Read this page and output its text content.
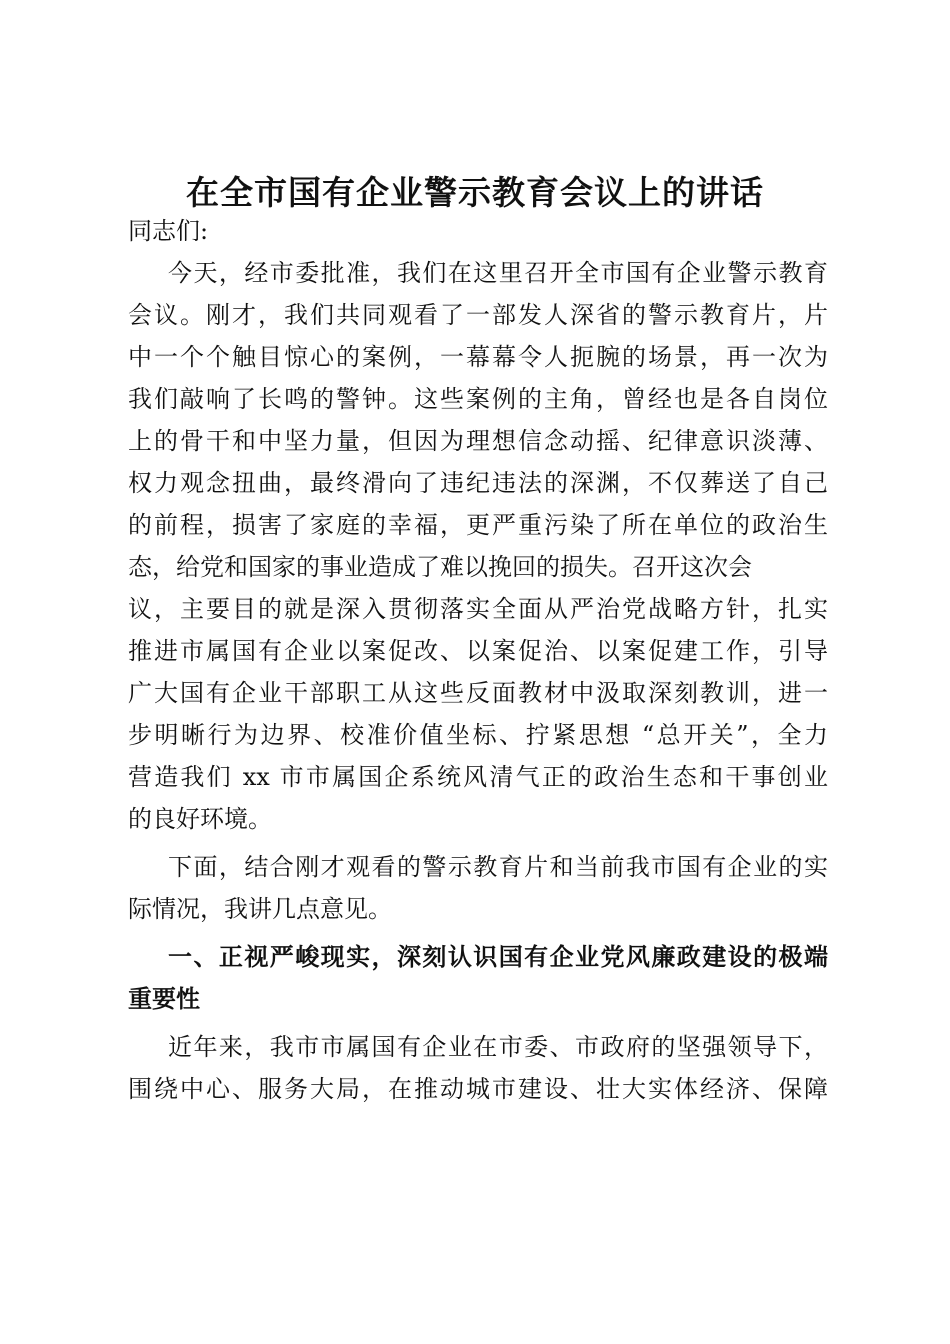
在全市国有企业警示教育会议上的讲话
同志们:
今天，经市委批准，我们在这里召开全市国有企业警示教育
会议。刚才，我们共同观看了一部发人深省的警示教育片，片
中一个个触目惊心的案例，一幕幕令人扼腕的场景，再一次为
我们敲响了长鸣的警钟。这些案例的主角，曾经也是各自岗位
上的骨干和中坚力量，但因为理想信念动摇、纪律意识淡薄、
权力观念扭曲，最终滑向了违纪违法的深渊，不仅葬送了自己
的前程，损害了家庭的幸福，更严重污染了所在单位的政治生
态，给党和国家的事业造成了难以挽回的损失。召开这次会
议，主要目的就是深入贯彻落实全面从严治党战略方针，扎实
推进市属国有企业以案促改、以案促治、以案促建工作，引导
广大国有企业干部职工从这些反面教材中汲取深刻教训，进一
步明晰行为边界、校准价值坐标、拧紧思想 “总开关”，全力
营造我们 xx 市市属国企系统风清气正的政治生态和干事创业
的良好环境。
下面，结合刚才观看的警示教育片和当前我市国有企业的实
际情况，我讲几点意见。
一、正视严峻现实，深刻认识国有企业党风廉政建设的极端
重要性
近年来，我市市属国有企业在市委、市政府的坚强领导下，
围绕中心、服务大局，在推动城市建设、壮大实体经济、保障
